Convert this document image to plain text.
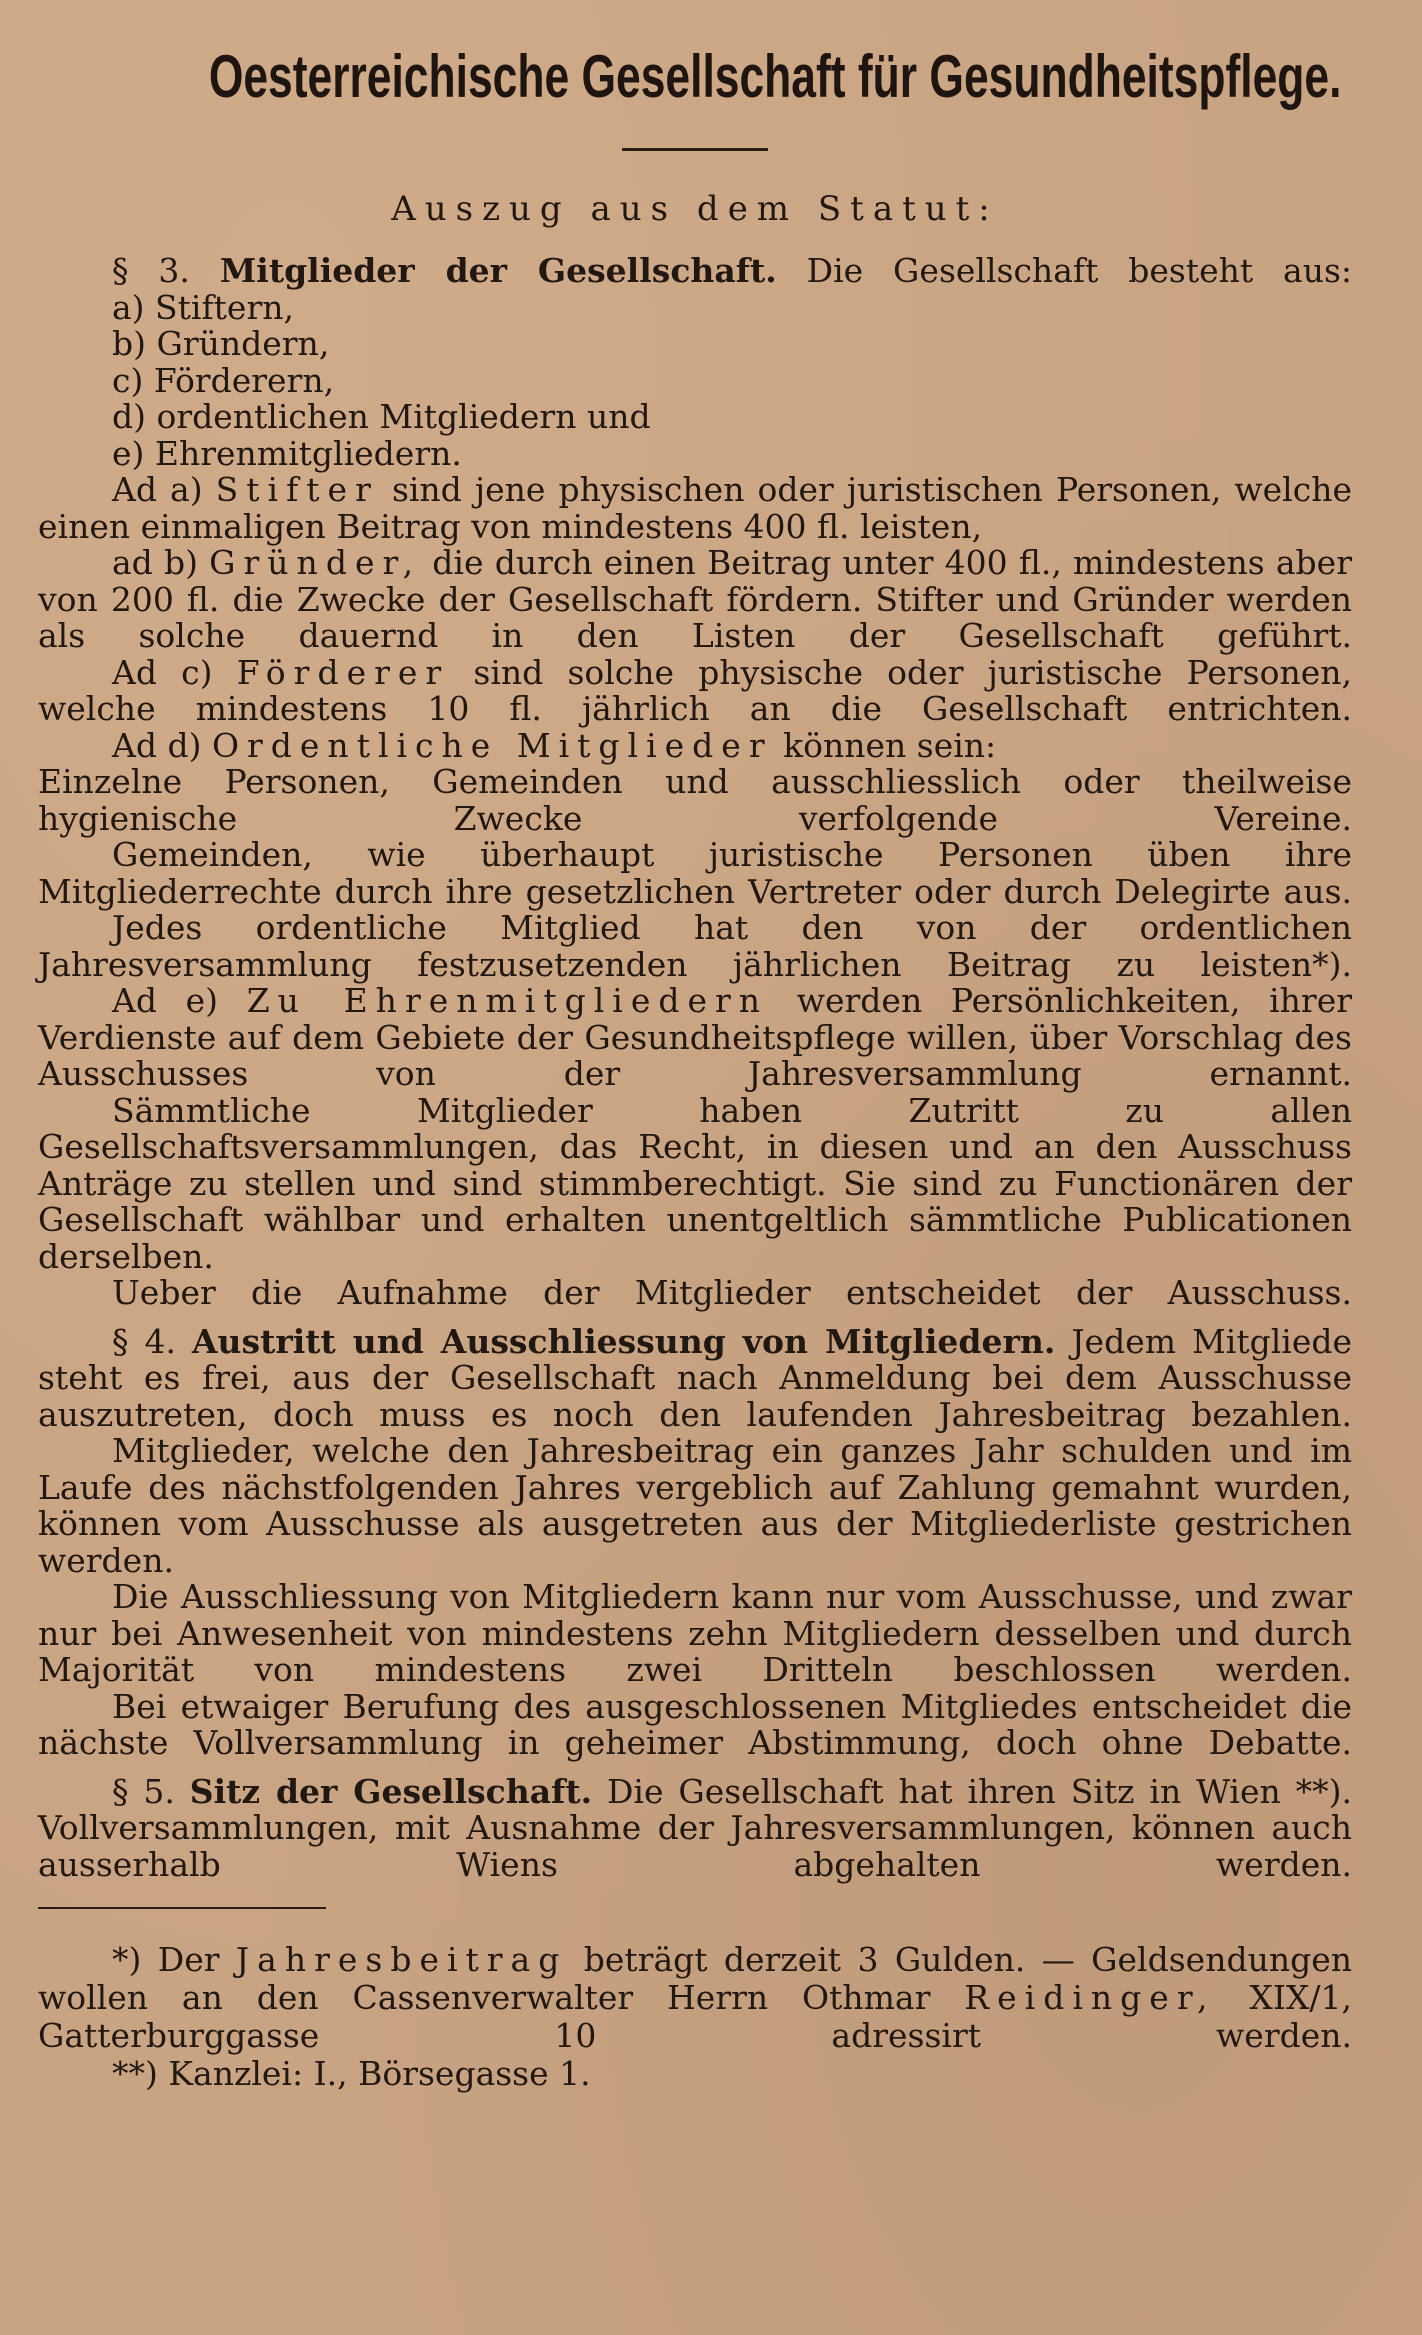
Oesterreichische Gesellschaft für Gesundheitspflege.
Auszug aus dem Statut:

§ 3. Mitglieder der Gesellschaft. Die Gesellschaft besteht aus:

a) Stiftern,
b) Gründern,
c) Förderern,
d) ordentlichen Mitgliedern und
e) Ehrenmitgliedern.

Ad a) Stifter sind jene physischen oder juristischen Personen, welche einen einmaligen Beitrag von mindestens 400 fl. leisten,

ad b) Gründer, die durch einen Beitrag unter 400 fl., mindestens aber von 200 fl. die Zwecke der Gesellschaft fördern. Stifter und Gründer werden als solche dauernd in den Listen der Gesellschaft geführt.

Ad c) Förderer sind solche physische oder juristische Personen, welche mindestens 10 fl. jährlich an die Gesellschaft entrichten.

Ad d) Ordentliche Mitglieder können sein:

Einzelne Personen, Gemeinden und ausschliesslich oder theilweise hygienische Zwecke verfolgende Vereine.

Gemeinden, wie überhaupt juristische Personen üben ihre Mitgliederrechte durch ihre gesetzlichen Vertreter oder durch Delegirte aus.

Jedes ordentliche Mitglied hat den von der ordentlichen Jahresversammlung festzusetzenden jährlichen Beitrag zu leisten*).

Ad e) Zu Ehrenmitgliedern werden Persönlichkeiten, ihrer Verdienste auf dem Gebiete der Gesundheitspflege willen, über Vorschlag des Ausschusses von der Jahresversammlung ernannt.

Sämmtliche Mitglieder haben Zutritt zu allen Gesellschaftsversammlungen, das Recht, in diesen und an den Ausschuss Anträge zu stellen und sind stimmberechtigt. Sie sind zu Functionären der Gesellschaft wählbar und erhalten unentgeltlich sämmtliche Publicationen derselben.

Ueber die Aufnahme der Mitglieder entscheidet der Ausschuss.

§ 4. Austritt und Ausschliessung von Mitgliedern. Jedem Mitgliede steht es frei, aus der Gesellschaft nach Anmeldung bei dem Ausschusse auszutreten, doch muss es noch den laufenden Jahresbeitrag bezahlen.

Mitglieder, welche den Jahresbeitrag ein ganzes Jahr schulden und im Laufe des nächstfolgenden Jahres vergeblich auf Zahlung gemahnt wurden, können vom Ausschusse als ausgetreten aus der Mitgliederliste gestrichen werden.

Die Ausschliessung von Mitgliedern kann nur vom Ausschusse, und zwar nur bei Anwesenheit von mindestens zehn Mitgliedern desselben und durch Majorität von mindestens zwei Dritteln beschlossen werden.

Bei etwaiger Berufung des ausgeschlossenen Mitgliedes entscheidet die nächste Vollversammlung in geheimer Abstimmung, doch ohne Debatte.

§ 5. Sitz der Gesellschaft. Die Gesellschaft hat ihren Sitz in Wien **). Vollversammlungen, mit Ausnahme der Jahresversammlungen, können auch ausserhalb Wiens abgehalten werden.

*) Der Jahresbeitrag beträgt derzeit 3 Gulden. — Geldsendungen wollen an den Cassenverwalter Herrn Othmar Reidinger, XIX/1, Gatterburggasse 10 adressirt werden.

**) Kanzlei: I., Börsegasse 1.
